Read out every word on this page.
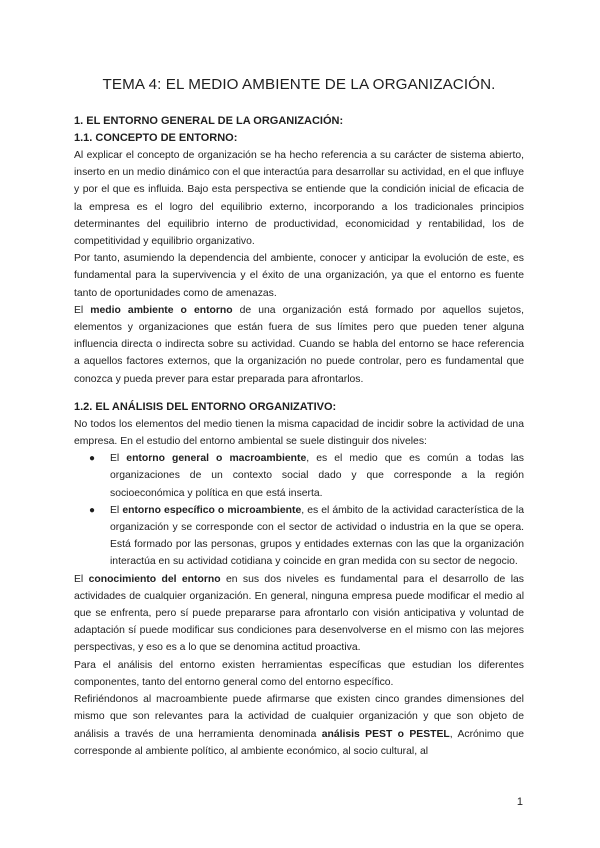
TEMA 4: EL MEDIO AMBIENTE DE LA ORGANIZACIÓN.
1. EL ENTORNO GENERAL DE LA ORGANIZACIÓN:
1.1. CONCEPTO DE ENTORNO:

Al explicar el concepto de organización se ha hecho referencia a su carácter de sistema abierto, inserto en un medio dinámico con el que interactúa para desarrollar su actividad, en el que influye y por el que es influida. Bajo esta perspectiva se entiende que la condición inicial de eficacia de la empresa es el logro del equilibrio externo, incorporando a los tradicionales principios determinantes del equilibrio interno de productividad, economicidad y rentabilidad, los de competitividad y equilibrio organizativo.

Por tanto, asumiendo la dependencia del ambiente, conocer y anticipar la evolución de este, es fundamental para la supervivencia y el éxito de una organización, ya que el entorno es fuente tanto de oportunidades como de amenazas.

El medio ambiente o entorno de una organización está formado por aquellos sujetos, elementos y organizaciones que están fuera de sus límites pero que pueden tener alguna influencia directa o indirecta sobre su actividad. Cuando se habla del entorno se hace referencia a aquellos factores externos, que la organización no puede controlar, pero es fundamental que conozca y pueda prever para estar preparada para afrontarlos.

1.2. EL ANÁLISIS DEL ENTORNO ORGANIZATIVO:

No todos los elementos del medio tienen la misma capacidad de incidir sobre la actividad de una empresa. En el estudio del entorno ambiental se suele distinguir dos niveles:

● El entorno general o macroambiente, es el medio que es común a todas las organizaciones de un contexto social dado y que corresponde a la región socioeconómica y política en que está inserta.
● El entorno específico o microambiente, es el ámbito de la actividad característica de la organización y se corresponde con el sector de actividad o industria en la que se opera. Está formado por las personas, grupos y entidades externas con las que la organización interactúa en su actividad cotidiana y coincide en gran medida con su sector de negocio.

El conocimiento del entorno en sus dos niveles es fundamental para el desarrollo de las actividades de cualquier organización. En general, ninguna empresa puede modificar el medio al que se enfrenta, pero sí puede prepararse para afrontarlo con visión anticipativa y voluntad de adaptación sí puede modificar sus condiciones para desenvolverse en el mismo con las mejores perspectivas, y eso es a lo que se denomina actitud proactiva.

Para el análisis del entorno existen herramientas específicas que estudian los diferentes componentes, tanto del entorno general como del entorno específico.

Refiriéndonos al macroambiente puede afirmarse que existen cinco grandes dimensiones del mismo que son relevantes para la actividad de cualquier organización y que son objeto de análisis a través de una herramienta denominada análisis PEST o PESTEL, Acrónimo que corresponde al ambiente político, al ambiente económico, al socio cultural, al

1
